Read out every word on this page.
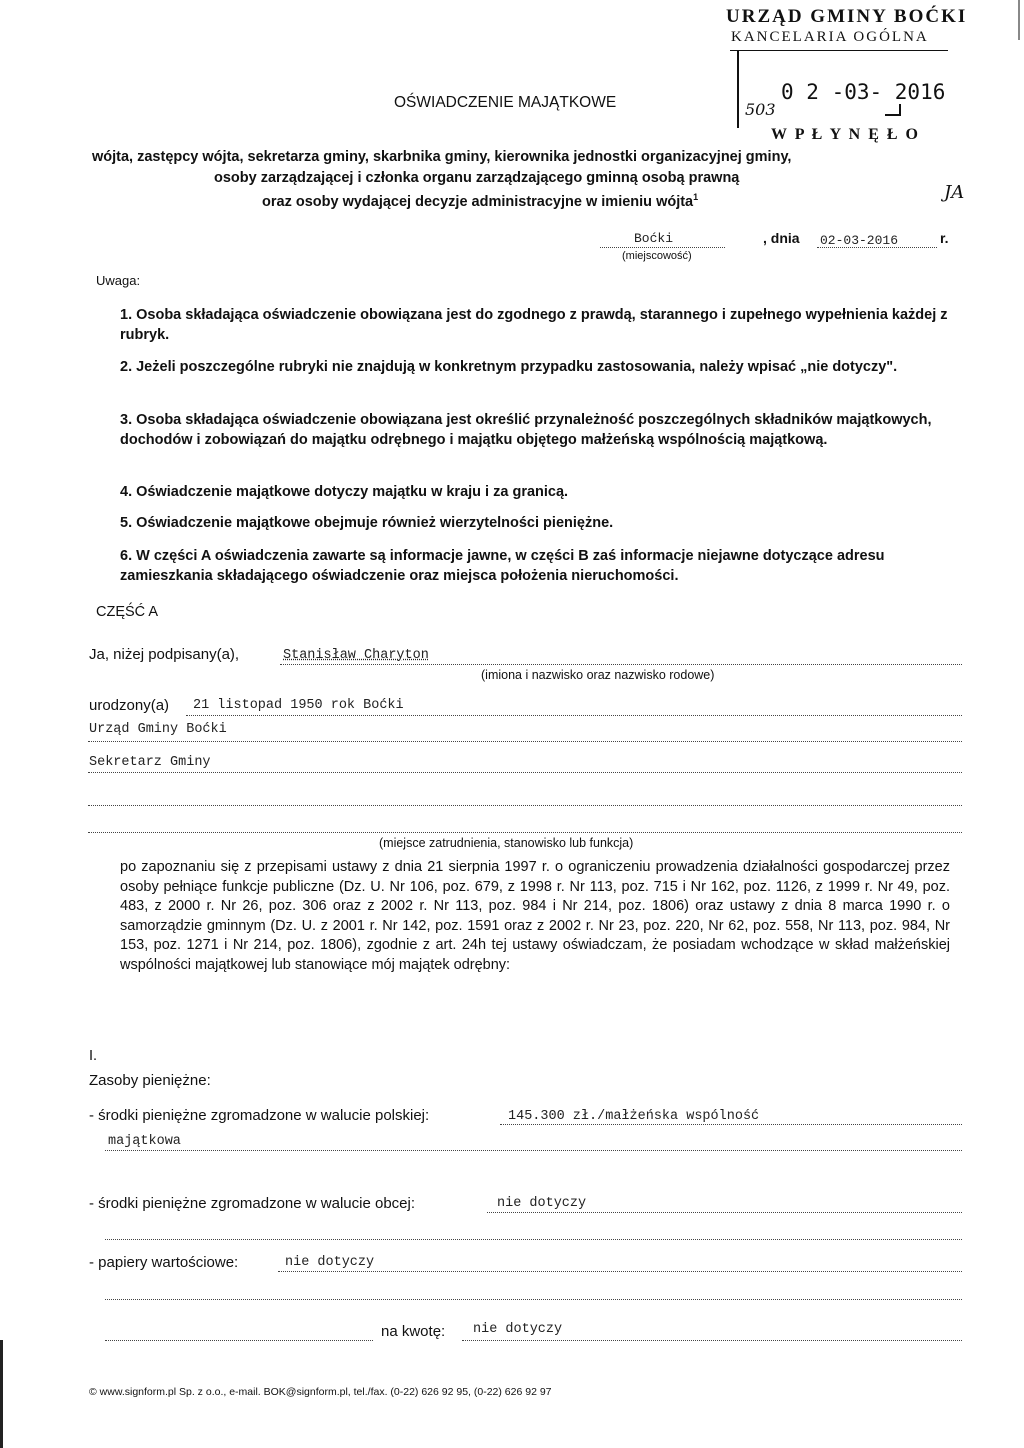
URZĄD GMINY BOĆKI
KANCELARIA OGÓLNA
0 2 -03- 2016
503
W P Ł Y N Ę Ł O
JA
OŚWIADCZENIE MAJĄTKOWE
wójta, zastępcy wójta, sekretarza gminy, skarbnika gminy, kierownika jednostki organizacyjnej gminy,
osoby zarządzającej i członka organu zarządzającego gminną osobą prawną
oraz osoby wydającej decyzje administracyjne w imieniu wójta$^1$
Boćki	, dnia 02-03-2016	r.
(miejscowość)
Uwaga:

1. Osoba składająca oświadczenie obowiązana jest do zgodnego z prawdą, starannego i zupełnego wypełnienia każdej z rubryk.

2. Jeżeli poszczególne rubryki nie znajdują w konkretnym przypadku zastosowania, należy wpisać „nie dotyczy".

3. Osoba składająca oświadczenie obowiązana jest określić przynależność poszczególnych składników majątkowych, dochodów i zobowiązań do majątku odrębnego i majątku objętego małżeńską wspólnością majątkową.

4. Oświadczenie majątkowe dotyczy majątku w kraju i za granicą.

5. Oświadczenie majątkowe obejmuje również wierzytelności pieniężne.

6. W części A oświadczenia zawarte są informacje jawne, w części B zaś informacje niejawne dotyczące adresu zamieszkania składającego oświadczenie oraz miejsca położenia nieruchomości.

CZĘŚĆ A
Ja, niżej podpisany(a),	Stanisław Charyton
(imiona i nazwisko oraz nazwisko rodowe)
urodzony(a) 21 listopad 1950 rok Boćki
Urząd Gminy Boćki
Sekretarz Gminy
(miejsce zatrudnienia, stanowisko lub funkcja)

po zapoznaniu się z przepisami ustawy z dnia 21 sierpnia 1997 r. o ograniczeniu prowadzenia działalności gospodarczej przez osoby pełniące funkcje publiczne (Dz. U. Nr 106, poz. 679, z 1998 r. Nr 113, poz. 715 i Nr 162, poz. 1126, z 1999 r. Nr 49, poz. 483, z 2000 r. Nr 26, poz. 306 oraz z 2002 r. Nr 113, poz. 984 i Nr 214, poz. 1806) oraz ustawy z dnia 8 marca 1990 r. o samorządzie gminnym (Dz. U. z 2001 r. Nr 142, poz. 1591 oraz z 2002 r. Nr 23, poz. 220, Nr 62, poz. 558, Nr 113, poz. 984, Nr 153, poz. 1271 i Nr 214, poz. 1806), zgodnie z art. 24h tej ustawy oświadczam, że posiadam wchodzące w skład małżeńskiej wspólności majątkowej lub stanowiące mój majątek odrębny:

I.
Zasoby pieniężne:
- środki pieniężne zgromadzone w walucie polskiej:	145.300 zł./małżeńska wspólność
majątkowa
- środki pieniężne zgromadzone w walucie obcej:	nie dotyczy
- papiery wartościowe:	nie dotyczy
na kwotę: nie dotyczy
© www.signform.pl Sp. z o.o., e-mail. BOK@signform.pl, tel./fax. (0-22) 626 92 95, (0-22) 626 92 97
